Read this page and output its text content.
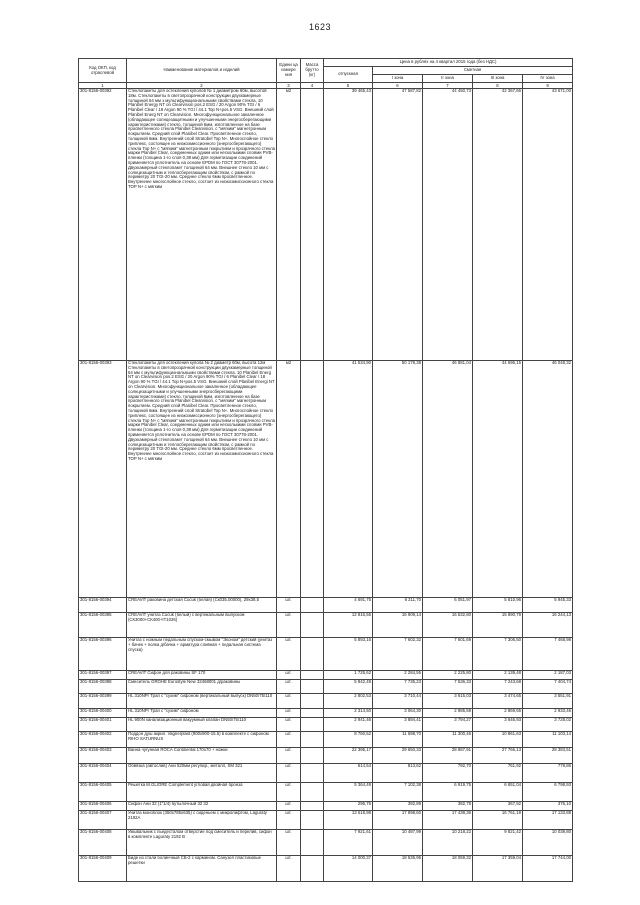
1623
Код ОКП, код отраслевой	Наименование материалов и изделий	Едини ца измере ния	Масса брутто (кг)	Цена в рублях на 4 квартал 2015 года (без НДС)				
				отпускная	Сметная			
					I зона	II зона	III зона	IV зона
1	2	3	4	5	6	7	8	9
301-8156-00392	Стеклопакеты для остекления куполов № 1 диаметром 60м, высотой 18м. Стеклопакеты в светопрозрачной конструкции двухкамерные толщиной 64 мм з мультифункциональными свойствами стекла. 10 Planibel Energy NT on Clearvision pos.2 ESG / 20 Argon 90% TGI / 6 Planibel Clear / 18 Argon 90 % TGI / 44.1 Top N+pos.5 VSG. Внешний слой Planibel Energ NT on Clearvision. Многофункциональное закаленное (обладающее солнцезащитными и улучшенными энергосберегающими характеристиками) стекло, толщиной 6мм, изготовленное на базе просветленного стекла Planibel Clearvision, с "мягким" магнетронным покрытием. Средний слой Planibel Clear. Просветленное стекло, толщиной 6мм. Внутренний слой Stratobel Top N+. Многослойное стекло триплекс, состоящее из низкоэмиссионного (энергосберегающего) стекла Top N+ с "мягким" магнетронным покрытием и прозрачного стекла марки Planibel Clear, соединенных одним или несколькими слоями PVB-пленки (толщина 1-го слоя 0,38 мм) Для герметизации соединений применяется уплотнитель на основе EPDM по ГОСТ 30778-2001. Двухкамерный стеклопакет толщиной 64 мм. Внешнее стекло 10 мм с солнцезащитным и теплосберегающим свойством, с рамкой по периметру 20 TGI-20 мм. Среднее стекло 6мм просветленное. Внутреннее многослойное стекло, состоит из низкоэмиссионного стекла TOP N+ с мягким	м2		39 465,43	47 587,82	44 450,73	42 367,66	43 671,00
301-8156-00393	Стеклопакеты для остекления купола № 2 диаметр 60м, высота 12м Стеклопакеты в светопрозрачной конструкции двухкамерные толщиной 64 мм с мультифункциональными свойствами стекла. 10 Planibel Energ NT on Clearvision pos.2 ESG / 20 Argon 90% TGI / 6 Planibel Clear / 18 Argon 90 % TGI / 44.1 Top N+pos.5 VSG. Внешний слой Planibel Energi NT on Clearvision. Многофункциональное закаленное (обладающее солнцезащитными и улучшенными энергосберегающими характеристиками) стекло, толщиной 6мм, изготовленное на базе просветленного стекла Planibel Clearvision, с "мягким" магнетронным покрытием. Средний слой Planibel Clear. Просветленное стекло, толщиной 6мм. Внутренний слой Stratobel Top N+. Многослойное стекло триплекс, состоящее из низкоэмиссионного (энергосберегающего) стекла Top N+ с "мягким" магнетронным покрытием и прозрачного стекла марки Planibel Clear, соединенных одним или несколькими слоями PVB-пленки (толщина 1-го слоя 0,38 мм) Для герметизации соединений применяется уплотнитель на основе EPDM по ГОСТ 30778-2001. Двухкамерный стеклопакет толщиной 64 мм. Внешнее стекло 10 мм с солнцезащитным и теплосберегающим свойством, с рамкой по периметру 20 TGI-20 мм. Среднее стекло 6мм просветленное. Внутреннее многослойное стекло, состоит из низкоэмиссионного стекла TOP N+ с мягким	м2		41 534,90	50 178,38	46 881,04	44 695,15	46 048,32
301-8156-00394	CREAVIT раковина детская Cucuk (белая) (Ск035.00000), 29x38,5	шт.		4 691,75	6 211,70	6 051,97	5 810,96	5 945,33
301-8156-00395	CREAVIT унитаз Cucuk (белый) с вертикальным выпуском (СК3000+СК400+IT1026)	шт.		12 816,55	16 909,14	16 532,80	15 890,79	16 244,13
301-8156-00396	Унитаз с ножным педальным спуском-смывом "Эконом" детский (унитаз + бачек + полка д/бачка + арматура сливная + педальная система спуска)	шт.		5 893,16	7 602,32	7 601,69	7 306,50	7 468,98
301-8156-00397	CREAVIT Сифон для раковины SF 170	шт.		1 725,62	2 284,55	2 225,80	2 139,48	2 187,03
301-8156-00398	Смеситель GROHE Eurostyle New 32468001 д/раковины	шт.		5 842,49	7 735,23	7 536,33	7 243,68	7 404,74
301-8156-00399	HL 310NPr Трап с "сухим" сифоном (вертикальный выпуск) DN50/75/110	шт.		2 802,53	3 710,44	3 615,03	3 474,65	3 551,91
301-8156-00400	HL 310NPr Трап с "сухим" сифоном	шт.		2 314,50	3 064,30	2 985,59	2 869,65	2 933,46
301-8156-00401	HL 900N канализационный вакуумный клапан DN50/75/110	шт.		2 941,46	3 894,41	3 794,27	3 646,93	3 728,02
301-8156-00402	Поддон душ акрил. Vagnerplast (900x900-15.5) в комплекте с сифоном RIHO SATURNUS	шт.		8 760,52	11 598,70	11 300,46	10 861,63	11 103,14
301-8156-00403	Ванна чугунная ROCA Continental 170x70 + ножки	шт.		22 395,17	29 650,33	28 887,91	27 766,13	28 383,51
301-8156-00404	Обвязка (автослив) Ани 520мм регулир., металл, SM 321	шт.		614,54	813,62	792,70	761,92	778,86
301-8156-00405	Решетка M.GLIORE Complement угловая двойная бронза	шт.		5 364,49	7 102,38	6 919,75	6 651,04	6 798,93
301-8156-00406	Сифон Ани 32 (1"1/4) бутылочный 32 32	шт.		296,75	392,89	382,78	367,92	376,10
301-8156-00407	Унитаз моноблок (350x785x635) с сиденьем с микролифтом, Laguraty 2192А	шт.		13 518,98	17 898,60	17 438,36	16 761,19	17 133,88
301-8156-00408	Умывальник с пьедесталом отверстие под смеситель и перелив, сифон в комплекте Laguraty 2192 В	шт.		7 921,61	10 487,99	10 218,22	9 821,42	10 039,80
301-8156-00409	Биде из стали болинчный СБ-2 с кармином. Санузел пластиковые решетки	шт.		14 000,37	18 535,95	18 059,32	17 359,04	17 744,00
